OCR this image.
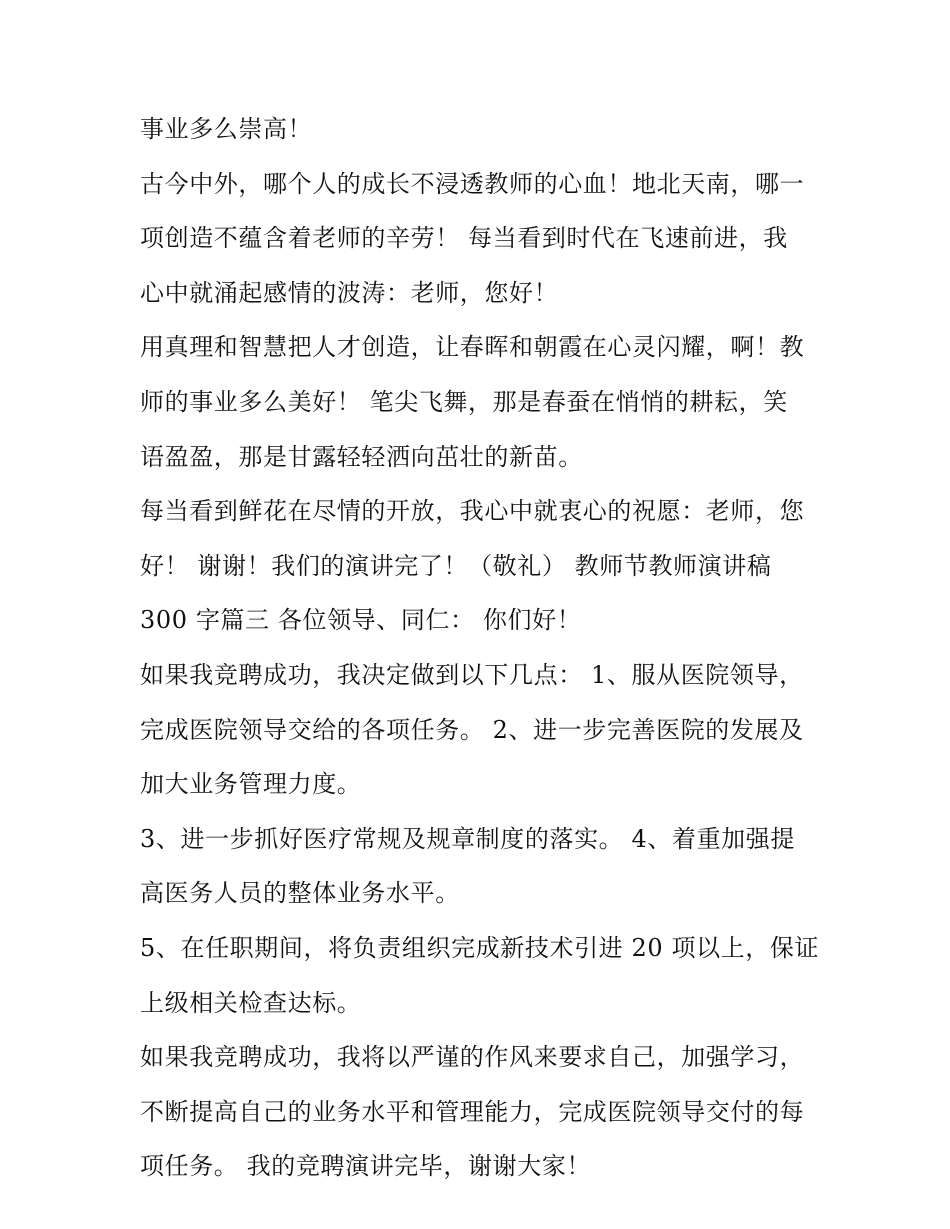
事业多么崇高！
古今中外，哪个人的成长不浸透教师的心血！地北天南，哪一
项创造不蕴含着老师的辛劳！ 每当看到时代在飞速前进，我
心中就涌起感情的波涛：老师，您好！
用真理和智慧把人才创造，让春晖和朝霞在心灵闪耀，啊！教
师的事业多么美好！ 笔尖飞舞，那是春蚕在悄悄的耕耘，笑
语盈盈，那是甘露轻轻洒向茁壮的新苗。
每当看到鲜花在尽情的开放，我心中就衷心的祝愿：老师，您
好！ 谢谢！我们的演讲完了！（敬礼） 教师节教师演讲稿
300 字篇三 各位领导、同仁： 你们好！
如果我竞聘成功，我决定做到以下几点： 1、服从医院领导，
完成医院领导交给的各项任务。 2、进一步完善医院的发展及
加大业务管理力度。
3、进一步抓好医疗常规及规章制度的落实。 4、着重加强提
高医务人员的整体业务水平。
5、在任职期间，将负责组织完成新技术引进 20 项以上，保证
上级相关检查达标。
如果我竞聘成功，我将以严谨的作风来要求自己，加强学习，
不断提高自己的业务水平和管理能力，完成医院领导交付的每
项任务。 我的竞聘演讲完毕，谢谢大家！
